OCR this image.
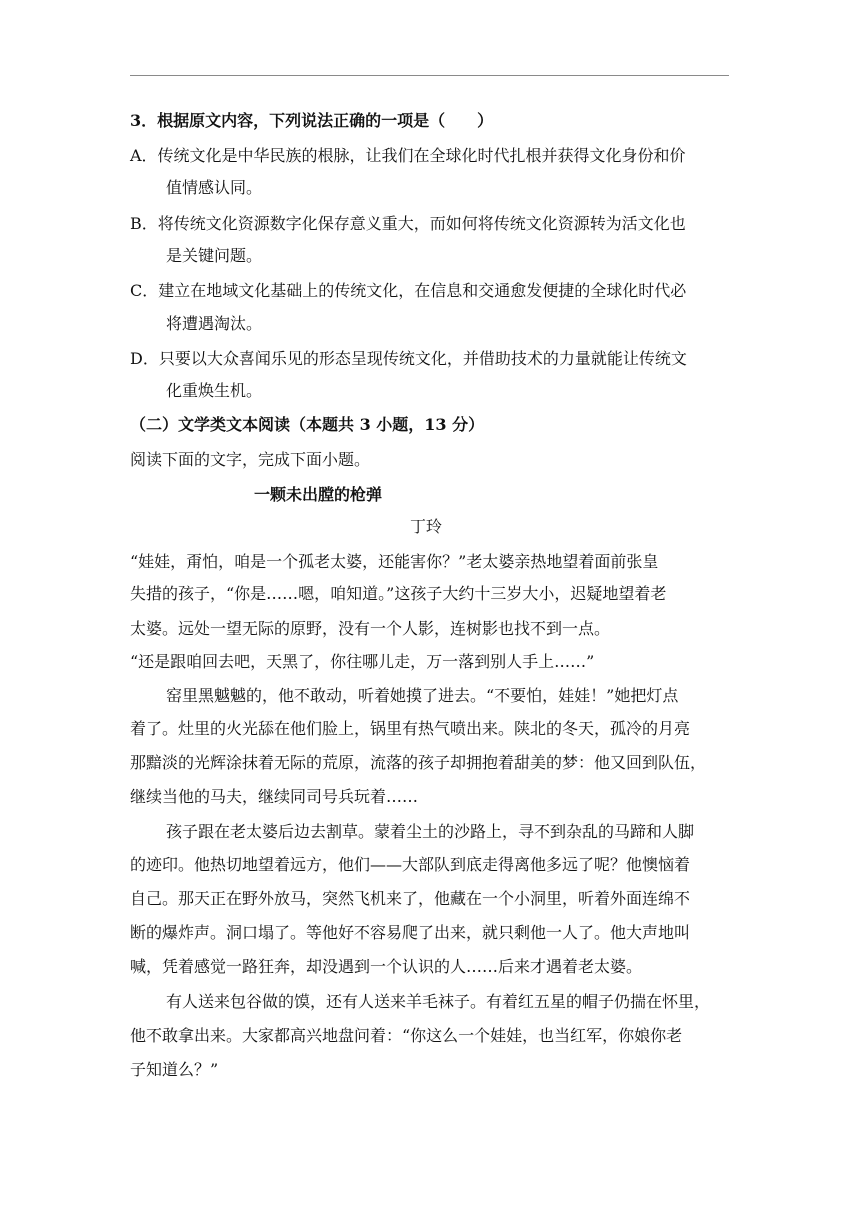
3．根据原文内容，下列说法正确的一项是（　　）
A．传统文化是中华民族的根脉，让我们在全球化时代扎根并获得文化身份和价
值情感认同。
B．将传统文化资源数字化保存意义重大，而如何将传统文化资源转为活文化也
是关键问题。
C．建立在地域文化基础上的传统文化，在信息和交通愈发便捷的全球化时代必
将遭遇淘汰。
D．只要以大众喜闻乐见的形态呈现传统文化，并借助技术的力量就能让传统文
化重焕生机。
（二）文学类文本阅读（本题共 3 小题，13 分）
阅读下面的文字，完成下面小题。
一颗未出膛的枪弹
丁玲
“娃娃，甭怕，咱是一个孤老太婆，还能害你？”老太婆亲热地望着面前张皇
失措的孩子，“你是……嗯，咱知道。”这孩子大约十三岁大小，迟疑地望着老
太婆。远处一望无际的原野，没有一个人影，连树影也找不到一点。
“还是跟咱回去吧，天黑了，你往哪儿走，万一落到别人手上……”
窑里黑魆魆的，他不敢动，听着她摸了进去。“不要怕，娃娃！”她把灯点
着了。灶里的火光舔在他们脸上，锅里有热气喷出来。陕北的冬天，孤冷的月亮
那黯淡的光辉涂抹着无际的荒原，流落的孩子却拥抱着甜美的梦：他又回到队伍，
继续当他的马夫，继续同司号兵玩着……
孩子跟在老太婆后边去割草。蒙着尘土的沙路上，寻不到杂乱的马蹄和人脚
的迹印。他热切地望着远方，他们——大部队到底走得离他多远了呢？他懊恼着
自己。那天正在野外放马，突然飞机来了，他藏在一个小洞里，听着外面连绵不
断的爆炸声。洞口塌了。等他好不容易爬了出来，就只剩他一人了。他大声地叫
喊，凭着感觉一路狂奔，却没遇到一个认识的人……后来才遇着老太婆。
有人送来包谷做的馍，还有人送来羊毛袜子。有着红五星的帽子仍揣在怀里，
他不敢拿出来。大家都高兴地盘问着：“你这么一个娃娃，也当红军，你娘你老
子知道么？”
